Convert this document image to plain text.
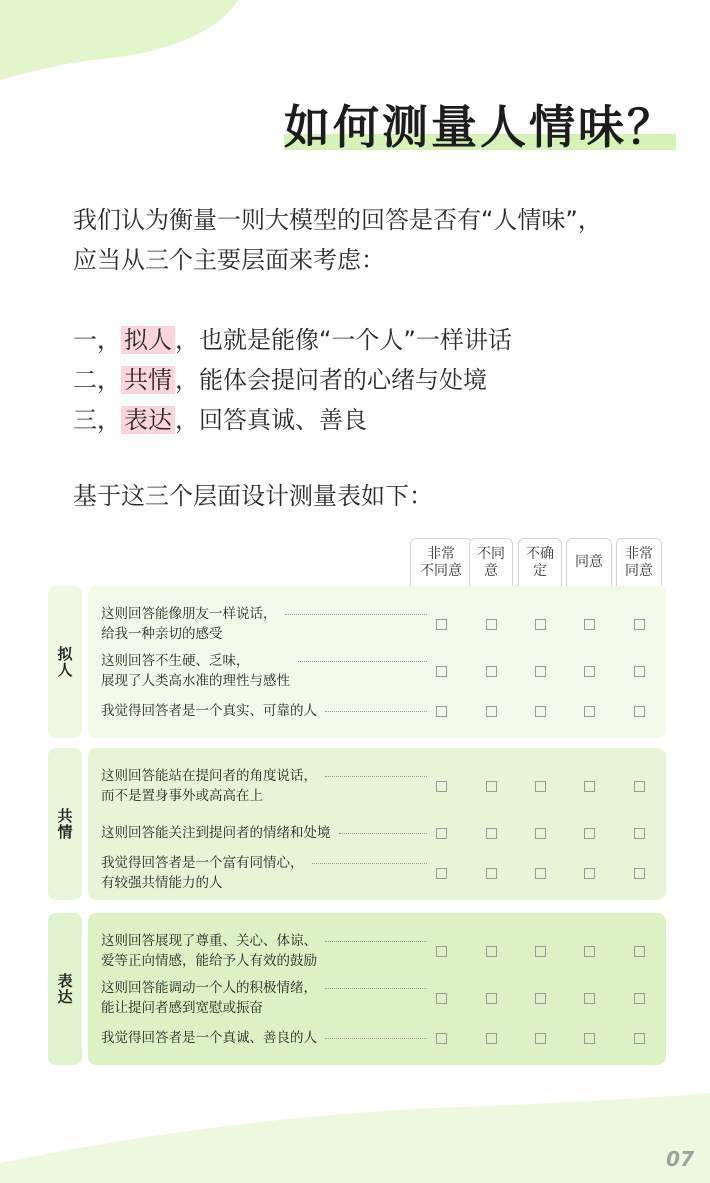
如何测量人情味？

我们认为衡量一则大模型的回答是否有“人情味”，

应当从三个主要层面来考虑：

一， 拟人 ，也就是能像“一个人”一样讲话
二， 共情 ，能体会提问者的心绪与处境
三， 表达 ，回答真诚、善良
基于这三个层面设计测量表如下：
非常
不同意
不同
意
不确
定
同意
非常
同意
拟人
这则回答能像朋友一样说话，
给我一种亲切的感受
这则回答不生硬、乏味，
展现了人类高水准的理性与感性
我觉得回答者是一个真实、可靠的人
共情
这则回答能站在提问者的角度说话，
而不是置身事外或高高在上
这则回答能关注到提问者的情绪和处境
我觉得回答者是一个富有同情心，
有较强共情能力的人
表达
这则回答展现了尊重、关心、体谅、
爱等正向情感，能给予人有效的鼓励
这则回答能调动一个人的积极情绪，
能让提问者感到宽慰或振奋
我觉得回答者是一个真诚、善良的人
07
